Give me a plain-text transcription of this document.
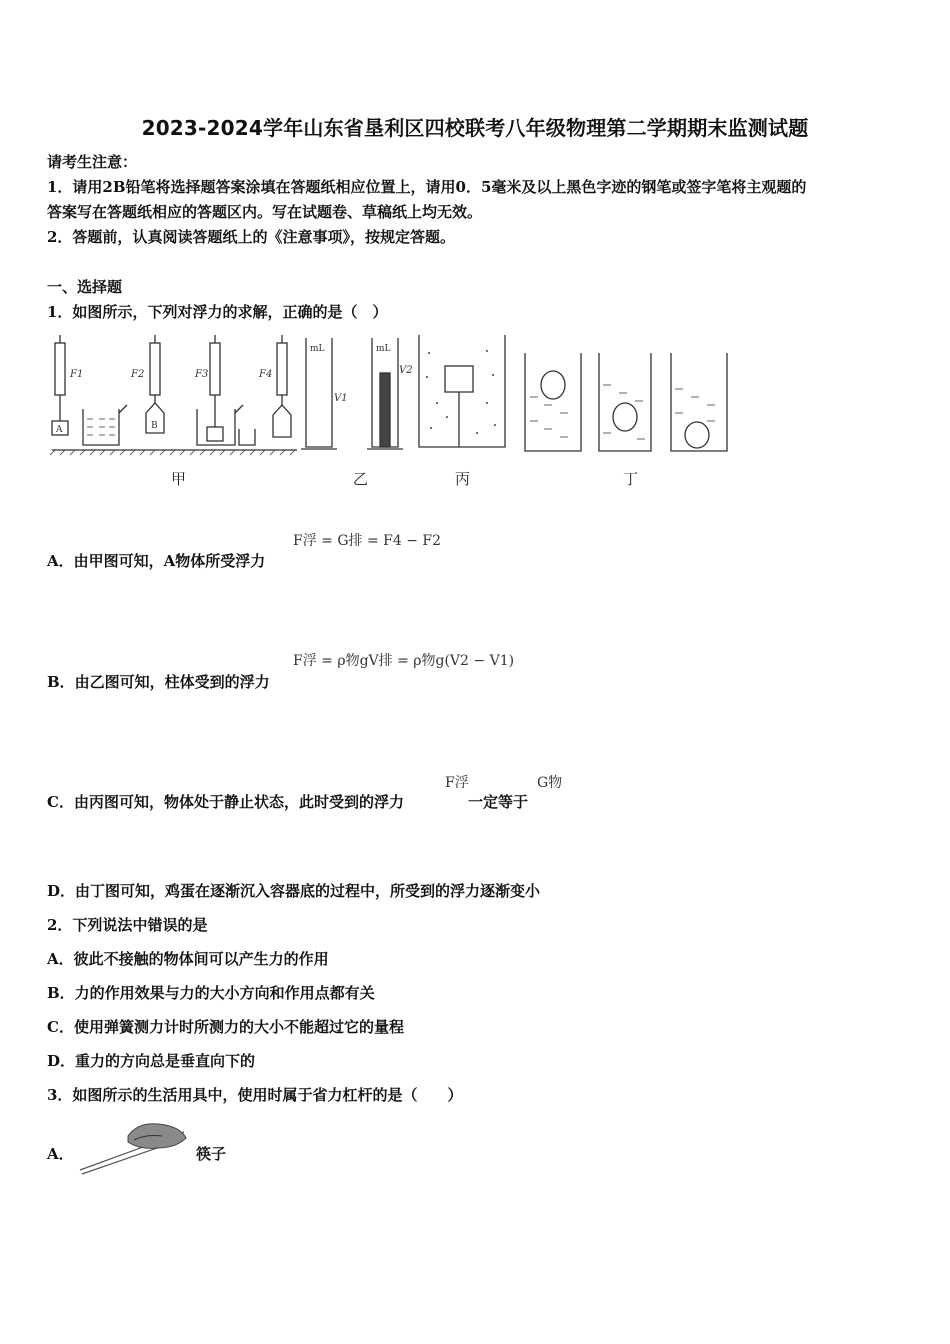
2023-2024学年山东省垦利区四校联考八年级物理第二学期期末监测试题
请考生注意：
1．请用2B铅笔将选择题答案涂填在答题纸相应位置上，请用0．5毫米及以上黑色字迹的钢笔或签字笔将主观题的
答案写在答题纸相应的答题区内。写在试题卷、草稿纸上均无效。
2．答题前，认真阅读答题纸上的《注意事项》，按规定答题。
一、选择题
1．如图所示，下列对浮力的求解，正确的是（　）
F1	F2	F3	F4
V1
V2
A	B
mL	mL
甲	乙	丙	丁
F浮 = G排 = F4 − F2
A．由甲图可知，A物体所受浮力
F浮 = ρ物gV排 = ρ物g(V2 − V1)
B．由乙图可知，柱体受到的浮力
F浮	G物
C．由丙图可知，物体处于静止状态，此时受到的浮力	一定等于
D．由丁图可知，鸡蛋在逐渐沉入容器底的过程中，所受到的浮力逐渐变小
2．下列说法中错误的是
A．彼此不接触的物体间可以产生力的作用
B．力的作用效果与力的大小方向和作用点都有关
C．使用弹簧测力计时所测力的大小不能超过它的量程
D．重力的方向总是垂直向下的
3．如图所示的生活用具中，使用时属于省力杠杆的是（　　）
A．	筷子
